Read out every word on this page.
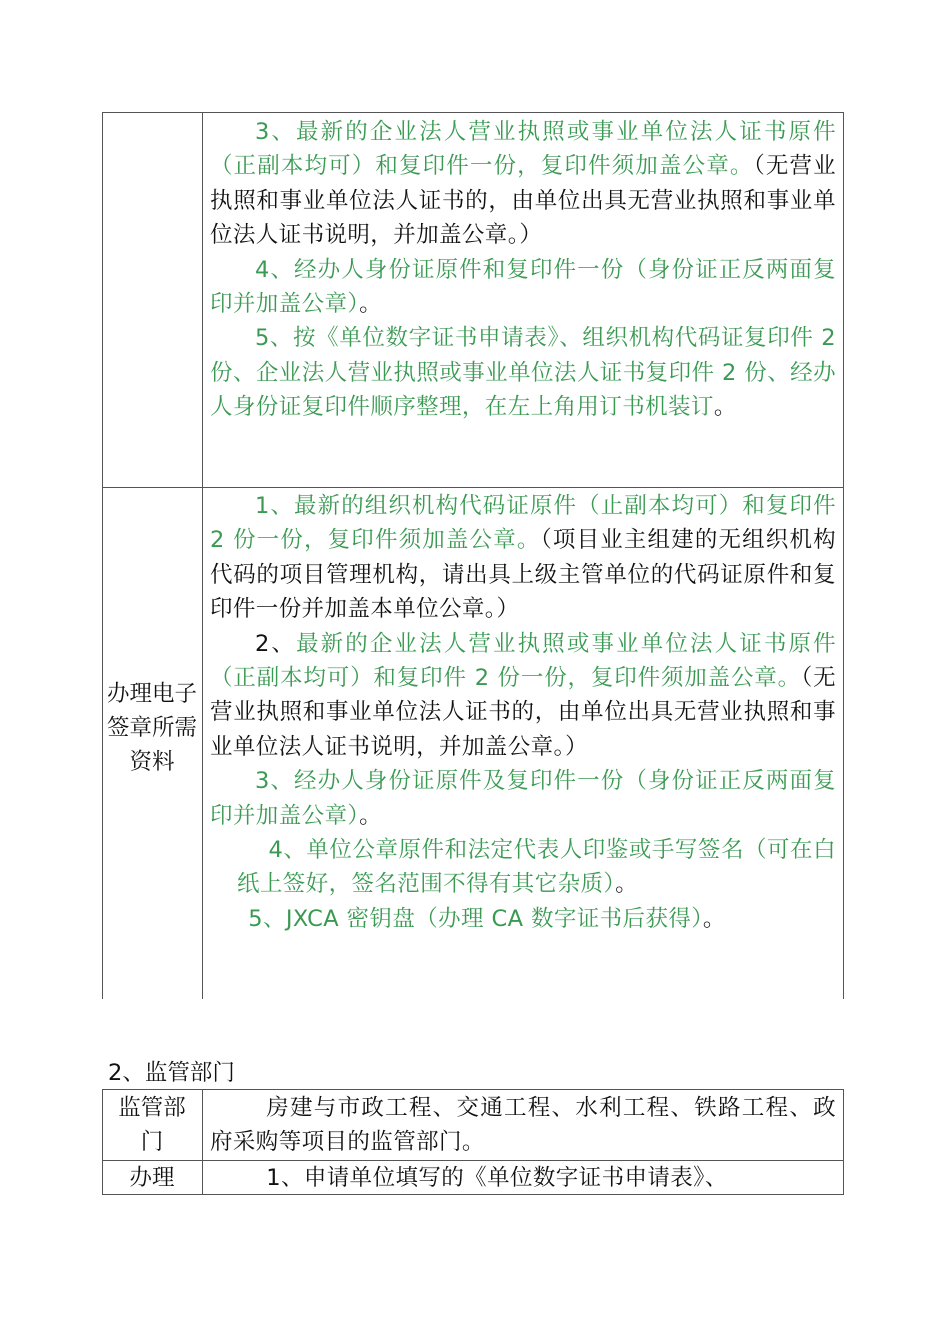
3、最新的企业法人营业执照或事业单位法人证书原件（正副本均可）和复印件一份，复印件须加盖公章。（无营业执照和事业单位法人证书的，由单位出具无营业执照和事业单位法人证书说明，并加盖公章。）

4、经办人身份证原件和复印件一份（身份证正反两面复印并加盖公章）。

5、按《单位数字证书申请表》、组织机构代码证复印件 2 份、企业法人营业执照或事业单位法人证书复印件 2 份、经办人身份证复印件顺序整理，在左上角用订书机装订。

办理电子签章所需资料

1、最新的组织机构代码证原件（止副本均可）和复印件 2 份一份，复印件须加盖公章。（项目业主组建的无组织机构代码的项目管理机构，请出具上级主管单位的代码证原件和复印件一份并加盖本单位公章。）

2、最新的企业法人营业执照或事业单位法人证书原件（正副本均可）和复印件 2 份一份，复印件须加盖公章。（无营业执照和事业单位法人证书的，由单位出具无营业执照和事业单位法人证书说明，并加盖公章。）

3、经办人身份证原件及复印件一份（身份证正反两面复印并加盖公章）。

4、单位公章原件和法定代表人印鉴或手写签名（可在白纸上签好，签名范围不得有其它杂质）。

5、JXCA 密钥盘（办理 CA 数字证书后获得）。

2、监管部门
监管部门

房建与市政工程、交通工程、水利工程、铁路工程、政府采购等项目的监管部门。

办理	1、申请单位填写的《单位数字证书申请表》、
